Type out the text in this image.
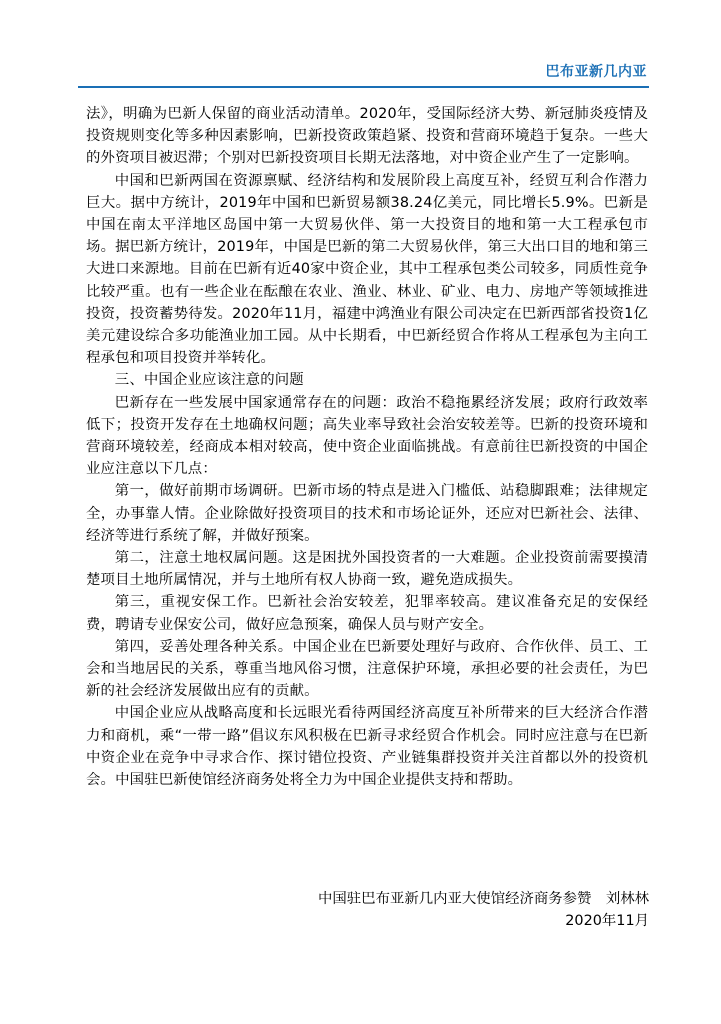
巴布亚新几内亚

法》，明确为巴新人保留的商业活动清单。2020年，受国际经济大势、新冠肺炎疫情及投资规则变化等多种因素影响，巴新投资政策趋紧、投资和营商环境趋于复杂。一些大的外资项目被迟滞；个别对巴新投资项目长期无法落地，对中资企业产生了一定影响。

中国和巴新两国在资源禀赋、经济结构和发展阶段上高度互补，经贸互利合作潜力巨大。据中方统计，2019年中国和巴新贸易额38.24亿美元，同比增长5.9%。巴新是中国在南太平洋地区岛国中第一大贸易伙伴、第一大投资目的地和第一大工程承包市场。据巴新方统计，2019年，中国是巴新的第二大贸易伙伴，第三大出口目的地和第三大进口来源地。目前在巴新有近40家中资企业，其中工程承包类公司较多，同质性竞争比较严重。也有一些企业在酝酿在农业、渔业、林业、矿业、电力、房地产等领域推进投资，投资蓄势待发。2020年11月，福建中鸿渔业有限公司决定在巴新西部省投资1亿美元建设综合多功能渔业加工园。从中长期看，中巴新经贸合作将从工程承包为主向工程承包和项目投资并举转化。

三、中国企业应该注意的问题

巴新存在一些发展中国家通常存在的问题：政治不稳拖累经济发展；政府行政效率低下；投资开发存在土地确权问题；高失业率导致社会治安较差等。巴新的投资环境和营商环境较差，经商成本相对较高，使中资企业面临挑战。有意前往巴新投资的中国企业应注意以下几点：

第一，做好前期市场调研。巴新市场的特点是进入门槛低、站稳脚跟难；法律规定全，办事靠人情。企业除做好投资项目的技术和市场论证外，还应对巴新社会、法律、经济等进行系统了解，并做好预案。

第二，注意土地权属问题。这是困扰外国投资者的一大难题。企业投资前需要摸清楚项目土地所属情况，并与土地所有权人协商一致，避免造成损失。

第三，重视安保工作。巴新社会治安较差，犯罪率较高。建议准备充足的安保经费，聘请专业保安公司，做好应急预案，确保人员与财产安全。

第四，妥善处理各种关系。中国企业在巴新要处理好与政府、合作伙伴、员工、工会和当地居民的关系，尊重当地风俗习惯，注意保护环境，承担必要的社会责任，为巴新的社会经济发展做出应有的贡献。

中国企业应从战略高度和长远眼光看待两国经济高度互补所带来的巨大经济合作潜力和商机，乘“一带一路”倡议东风积极在巴新寻求经贸合作机会。同时应注意与在巴新中资企业在竞争中寻求合作、探讨错位投资、产业链集群投资并关注首都以外的投资机会。中国驻巴新使馆经济商务处将全力为中国企业提供支持和帮助。

中国驻巴布亚新几内亚大使馆经济商务参赞　刘林林

2020年11月
